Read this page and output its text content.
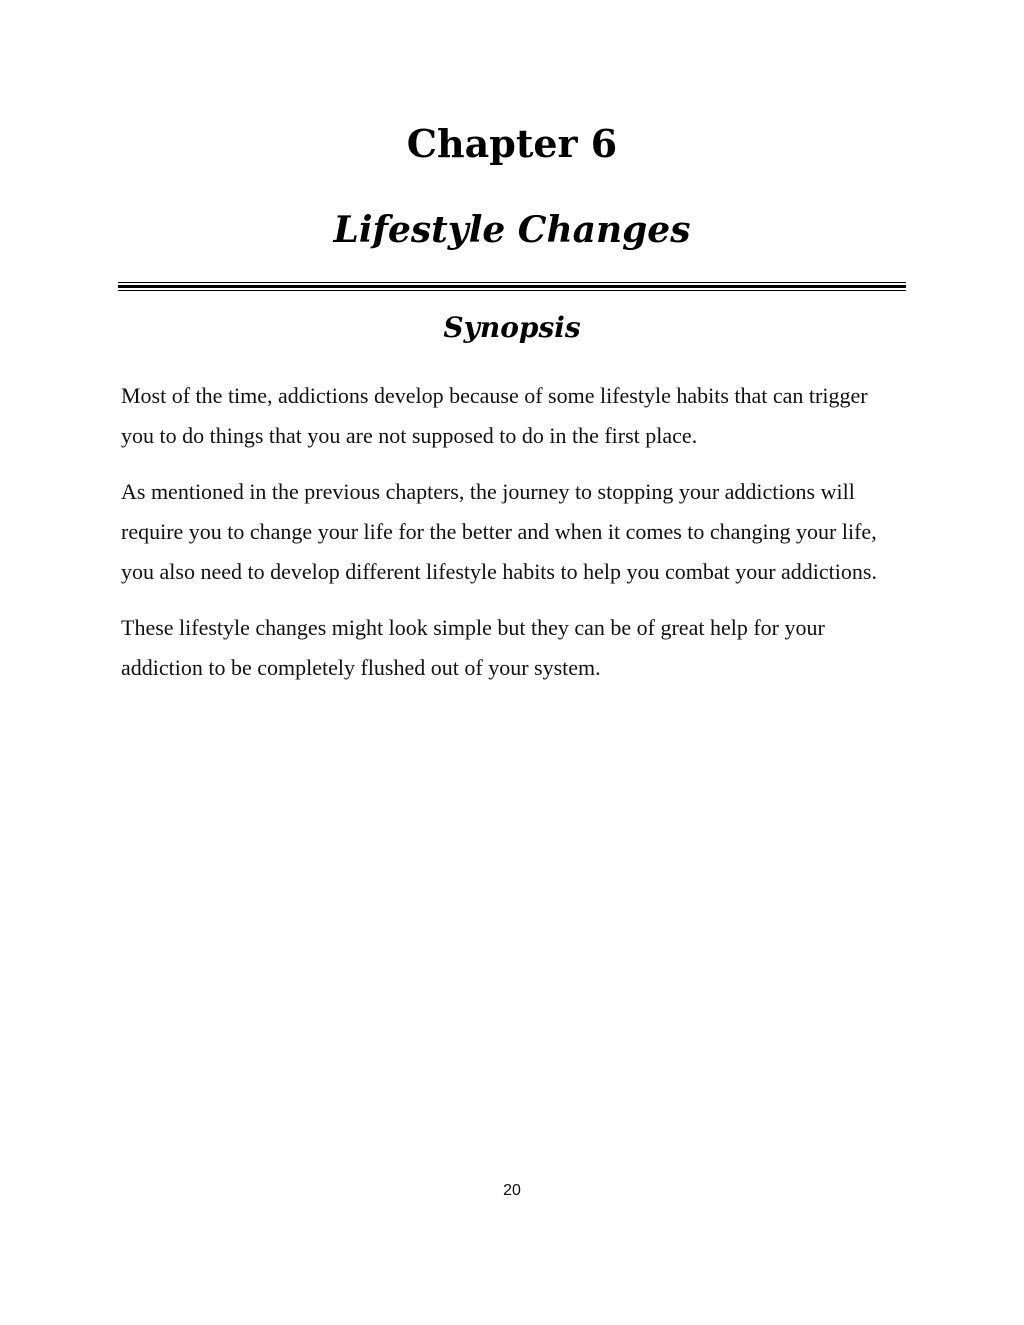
Chapter 6
Lifestyle Changes
Synopsis

Most of the time, addictions develop because of some lifestyle habits that can trigger you to do things that you are not supposed to do in the first place.

As mentioned in the previous chapters, the journey to stopping your addictions will require you to change your life for the better and when it comes to changing your life, you also need to develop different lifestyle habits to help you combat your addictions.

These lifestyle changes might look simple but they can be of great help for your addiction to be completely flushed out of your system.

20
